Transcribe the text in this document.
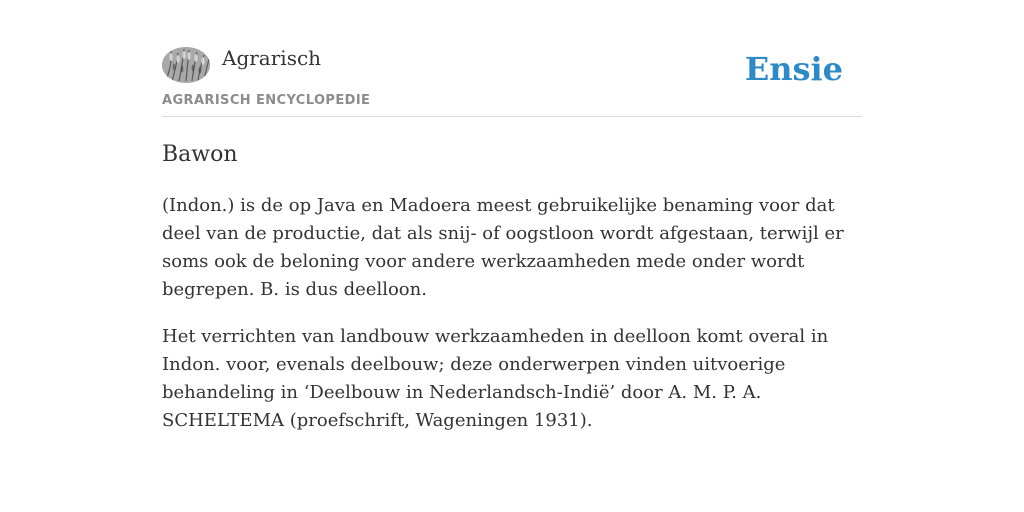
Agrarisch
AGRARISCH ENCYCLOPEDIE
Ensie
Bawon

(Indon.) is de op Java en Madoera meest gebruikelijke benaming voor dat deel van de productie, dat als snij- of oogstloon wordt afgestaan, terwijl er soms ook de beloning voor andere werkzaamheden mede onder wordt begrepen. B. is dus deelloon.

Het verrichten van landbouw werkzaamheden in deelloon komt overal in Indon. voor, evenals deelbouw; deze onderwerpen vinden uitvoerige behandeling in ‘Deelbouw in Nederlandsch-Indië’ door A. M. P. A. SCHELTEMA (proefschrift, Wageningen 1931).
